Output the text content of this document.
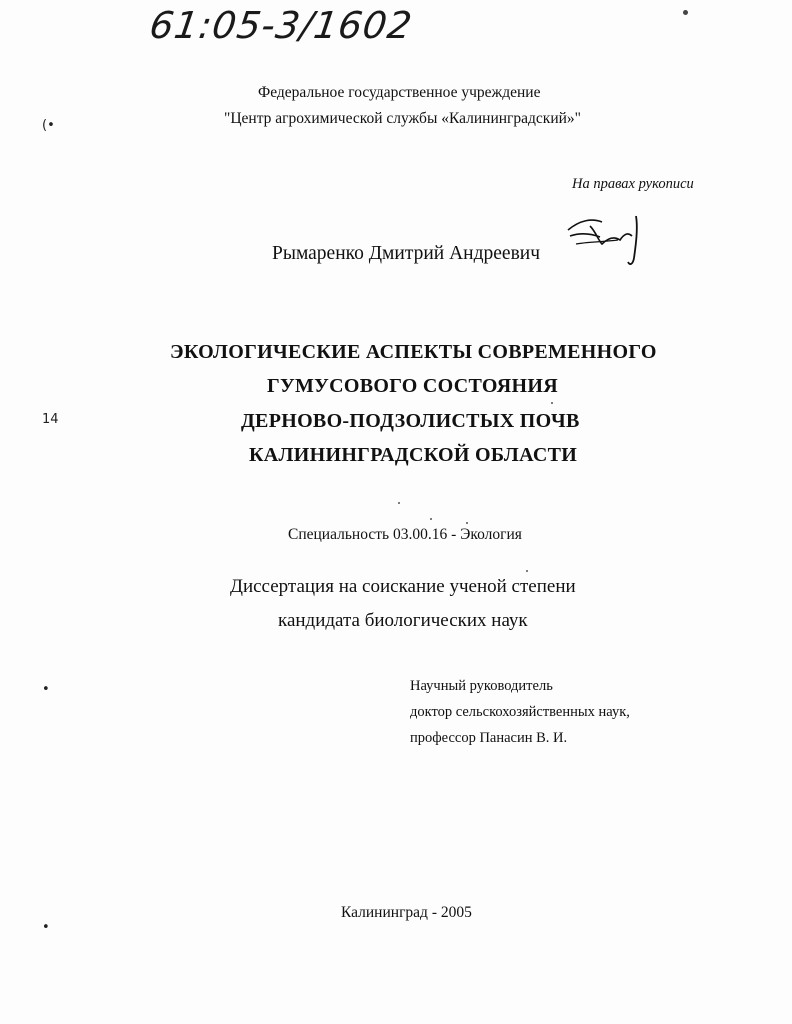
61:05-3/1602
Федеральное государственное учреждение
"Центр агрохимической службы «Калининградский»"
На правах рукописи
Рымаренко Дмитрий Андреевич
ЭКОЛОГИЧЕСКИЕ АСПЕКТЫ СОВРЕМЕННОГО
ГУМУСОВОГО СОСТОЯНИЯ
ДЕРНОВО-ПОДЗОЛИСТЫХ ПОЧВ
КАЛИНИНГРАДСКОЙ ОБЛАСТИ
Специальность 03.00.16 - Экология
Диссертация на соискание ученой степени
кандидата биологических наук
Научный руководитель
доктор сельскохозяйственных наук,
профессор Панасин В. И.
Калининград - 2005
(•
14
•
•
